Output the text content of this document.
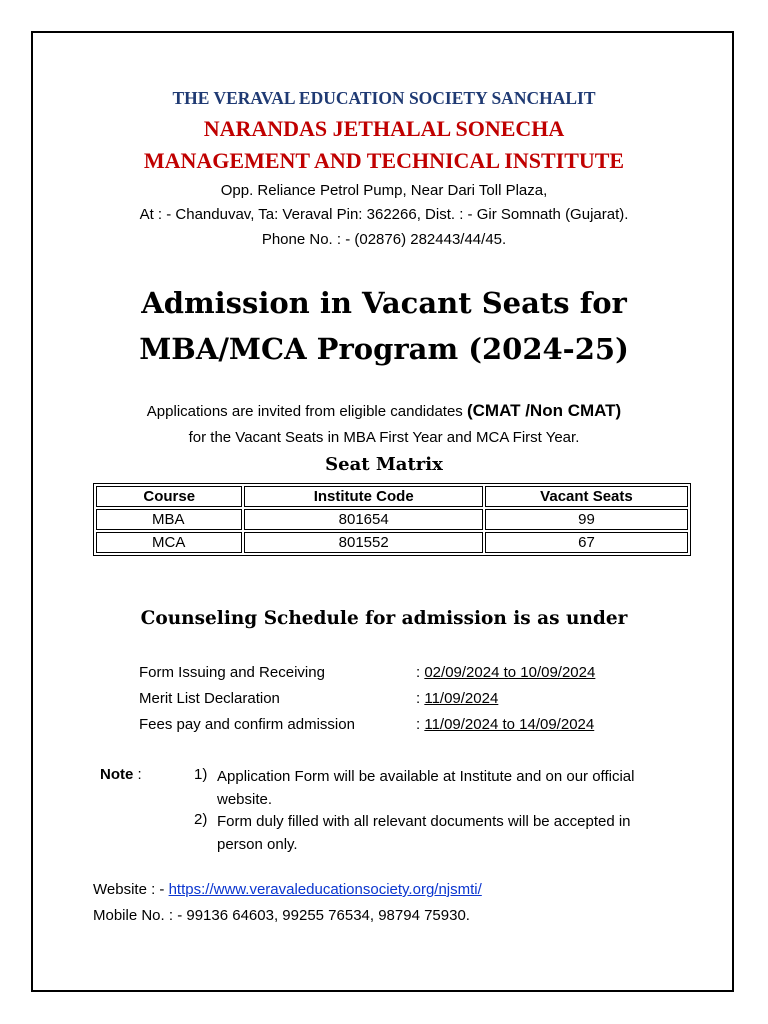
THE VERAVAL EDUCATION SOCIETY SANCHALIT
NARANDAS JETHALAL SONECHA
MANAGEMENT AND TECHNICAL INSTITUTE
Opp. Reliance Petrol Pump, Near Dari Toll Plaza,
At : - Chanduvav, Ta: Veraval Pin: 362266, Dist. : - Gir Somnath (Gujarat).
Phone No. : - (02876) 282443/44/45.
Admission in Vacant Seats for
MBA/MCA Program (2024-25)
Applications are invited from eligible candidates (CMAT /Non CMAT)
for the Vacant Seats in MBA First Year and MCA First Year.
Seat Matrix
Course	Institute Code	Vacant Seats
MBA	801654	99
MCA	801552	67
Counseling Schedule for admission is as under
Form Issuing and Receiving	: 02/09/2024 to 10/09/2024
Merit List Declaration	: 11/09/2024
Fees pay and confirm admission	: 11/09/2024 to 14/09/2024
Note :	1) Application Form will be available at Institute and on our official website.
2) Form duly filled with all relevant documents will be accepted in person only.
Website : - https://www.veravaleducationsociety.org/njsmti/
Mobile No. : - 99136 64603, 99255 76534, 98794 75930.
